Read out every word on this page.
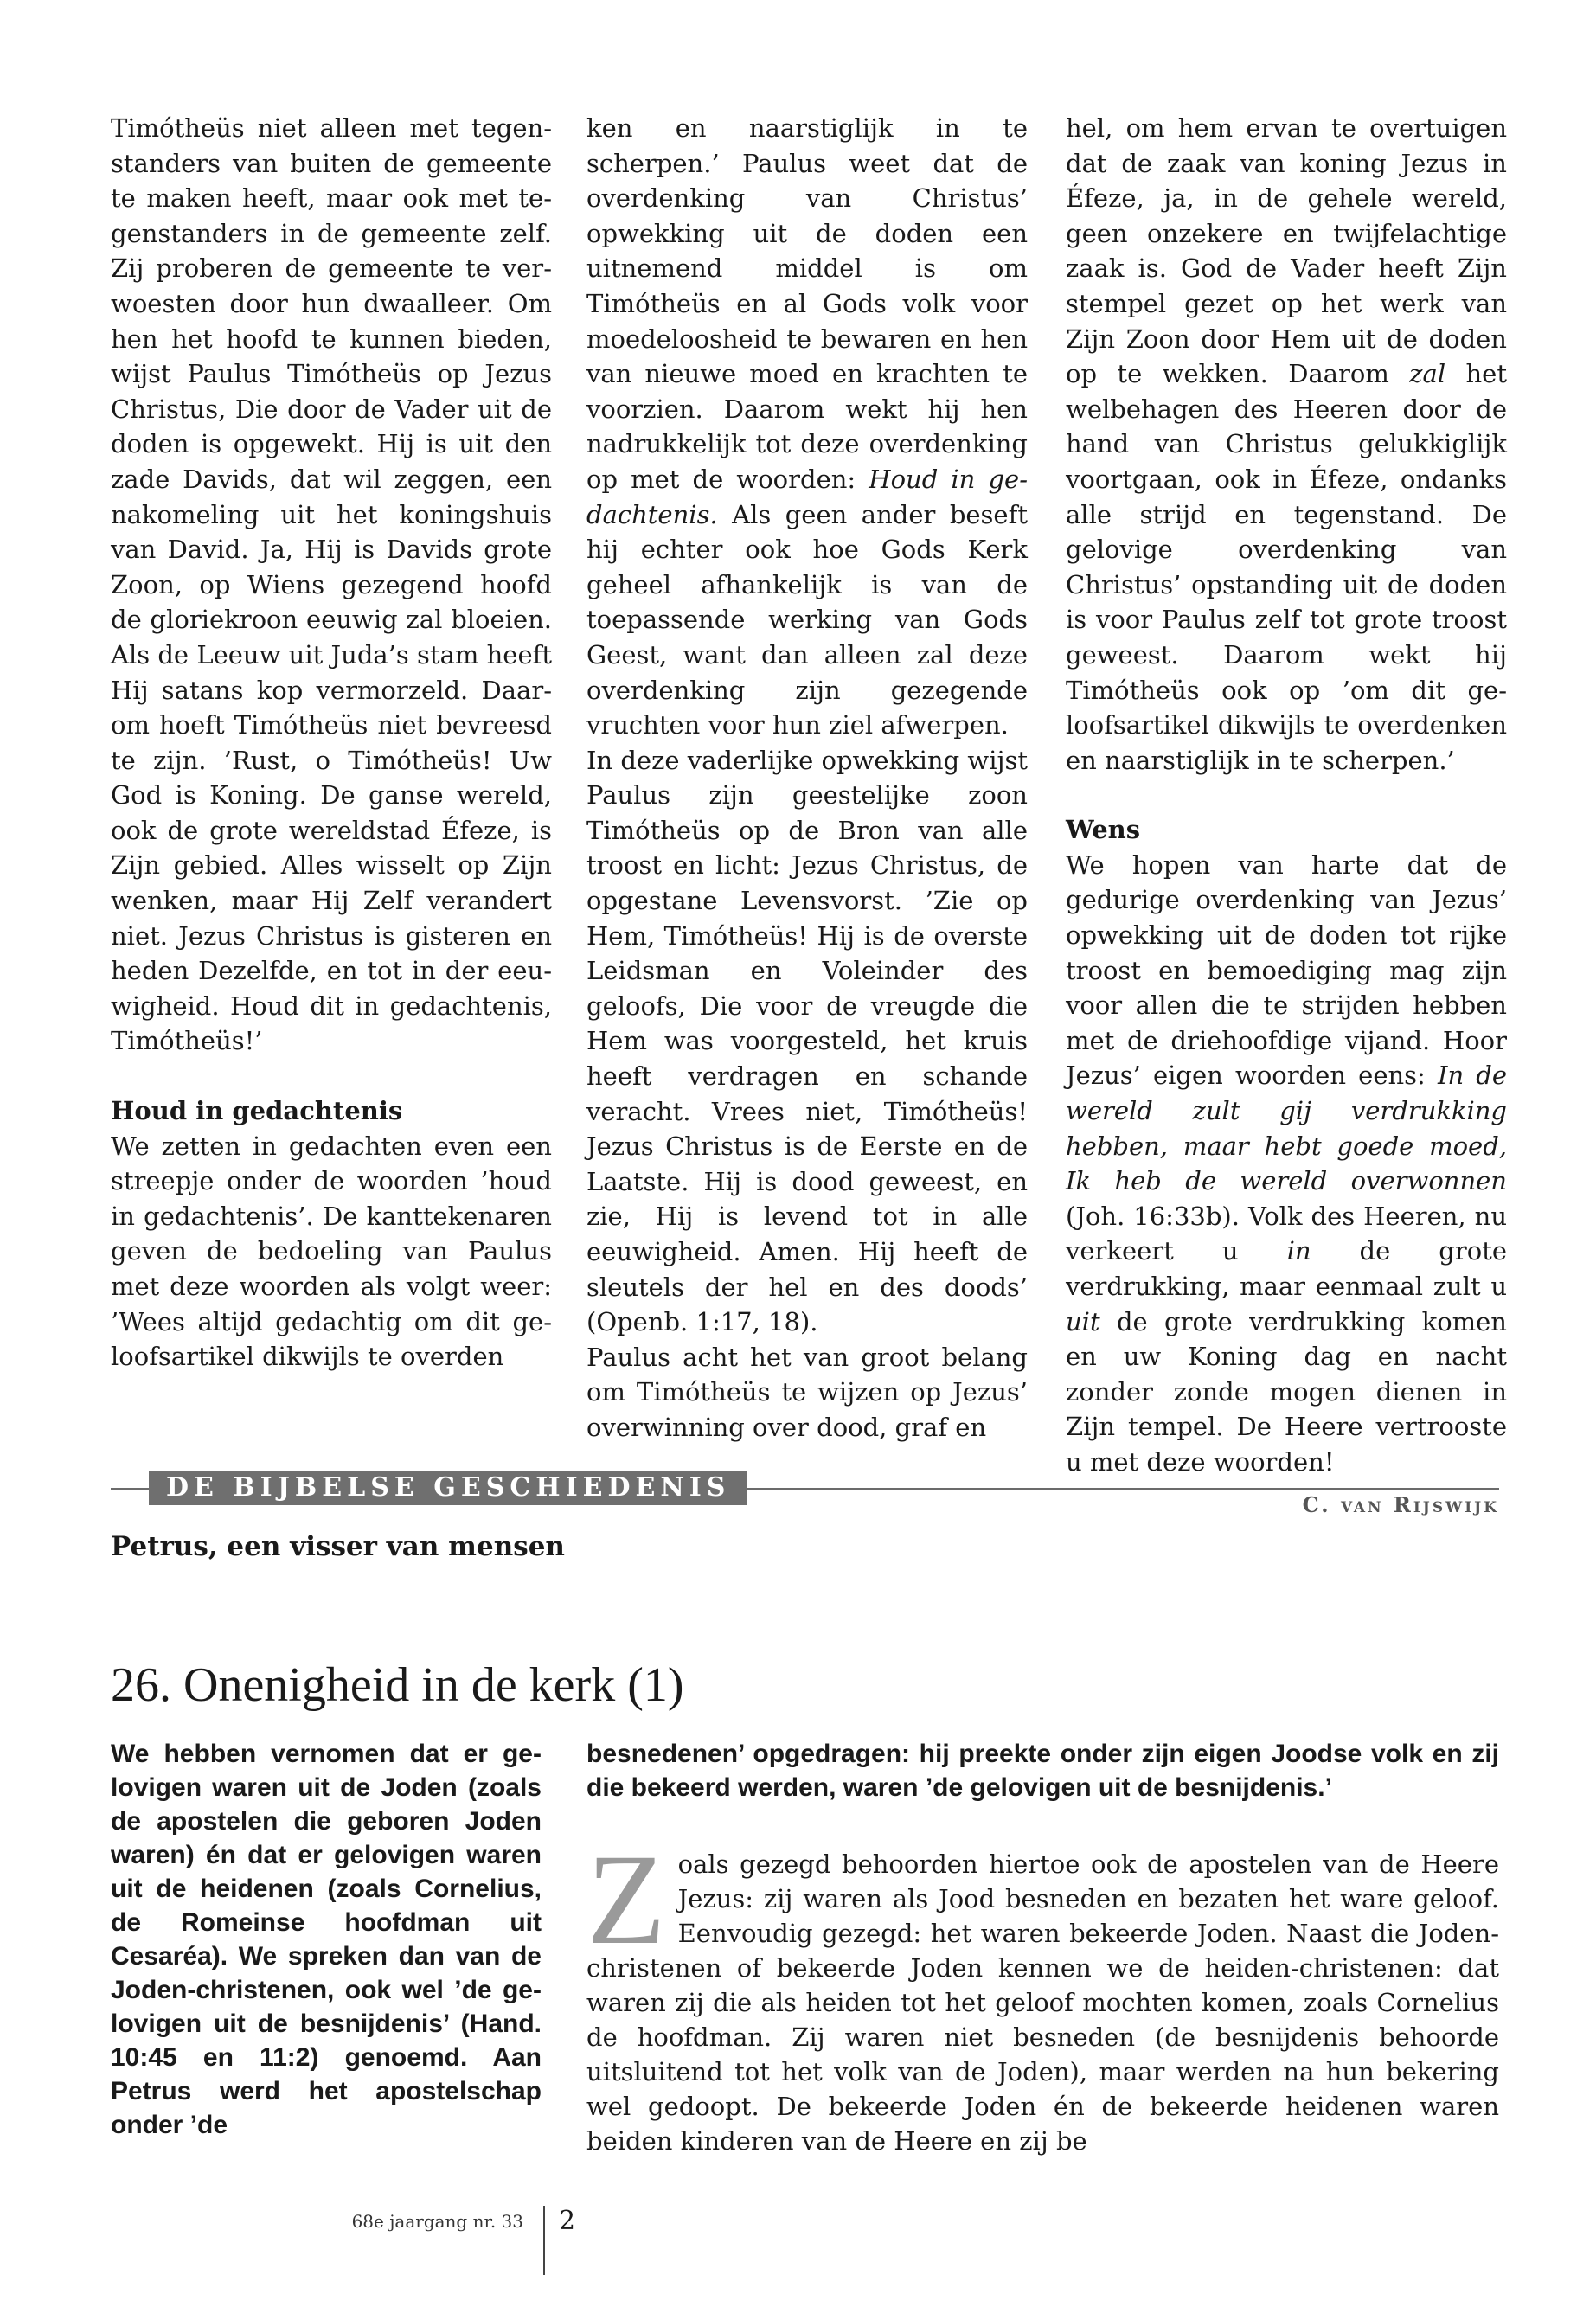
Timótheüs niet alleen met tegenstanders van buiten de gemeente te maken heeft, maar ook met tegenstanders in de gemeente zelf. Zij proberen de gemeente te verwoesten door hun dwaalleer. Om hen het hoofd te kunnen bieden, wijst Paulus Timótheüs op Jezus Christus, Die door de Vader uit de doden is opgewekt. Hij is uit den zade Davids, dat wil zeggen, een nakomeling uit het koningshuis van David. Ja, Hij is Davids grote Zoon, op Wiens gezegend hoofd de gloriekroon eeuwig zal bloeien. Als de Leeuw uit Juda’s stam heeft Hij satans kop vermorzeld. Daarom hoeft Timótheüs niet bevreesd te zijn. ’Rust, o Timótheüs! Uw God is Koning. De ganse wereld, ook de grote wereldstad Éfeze, is Zijn gebied. Alles wisselt op Zijn wenken, maar Hij Zelf verandert niet. Jezus Christus is gisteren en heden Dezelfde, en tot in der eeuwigheid. Houd dit in gedachtenis, Timótheüs!’

Houd in gedachtenis

We zetten in gedachten even een streepje onder de woorden ’houd in gedachtenis’. De kanttekenaren geven de bedoeling van Paulus met deze woorden als volgt weer: ’Wees altijd gedachtig om dit geloofsartikel dikwijls te overden

ken en naarstiglijk in te scherpen.’ Paulus weet dat de overdenking van Christus’ opwekking uit de doden een uitnemend middel is om Timótheüs en al Gods volk voor moedeloosheid te bewaren en hen van nieuwe moed en krachten te voorzien. Daarom wekt hij hen nadrukkelijk tot deze overdenking op met de woorden: Houd in gedachtenis. Als geen ander beseft hij echter ook hoe Gods Kerk geheel afhankelijk is van de toepassende werking van Gods Geest, want dan alleen zal deze overdenking zijn gezegende vruchten voor hun ziel afwerpen.

In deze vaderlijke opwekking wijst Paulus zijn geestelijke zoon Timótheüs op de Bron van alle troost en licht: Jezus Christus, de opgestane Levensvorst. ’Zie op Hem, Timótheüs! Hij is de overste Leidsman en Voleinder des geloofs, Die voor de vreugde die Hem was voorgesteld, het kruis heeft verdragen en schande veracht. Vrees niet, Timótheüs! Jezus Christus is de Eerste en de Laatste. Hij is dood geweest, en zie, Hij is levend tot in alle eeuwigheid. Amen. Hij heeft de sleutels der hel en des doods’ (Openb. 1:17, 18).

Paulus acht het van groot belang om Timótheüs te wijzen op Jezus’ overwinning over dood, graf en

hel, om hem ervan te overtuigen dat de zaak van koning Jezus in Éfeze, ja, in de gehele wereld, geen onzekere en twijfelachtige zaak is. God de Vader heeft Zijn stempel gezet op het werk van Zijn Zoon door Hem uit de doden op te wekken. Daarom zal het welbehagen des Heeren door de hand van Christus gelukkiglijk voortgaan, ook in Éfeze, ondanks alle strijd en tegenstand. De gelovige overdenking van Christus’ opstanding uit de doden is voor Paulus zelf tot grote troost geweest. Daarom wekt hij Timótheüs ook op ’om dit geloofsartikel dikwijls te overdenken en naarstiglijk in te scherpen.’

Wens

We hopen van harte dat de gedurige overdenking van Jezus’ opwekking uit de doden tot rijke troost en bemoediging mag zijn voor allen die te strijden hebben met de driehoofdige vijand. Hoor Jezus’ eigen woorden eens: In de wereld zult gij verdrukking hebben, maar hebt goede moed, Ik heb de wereld overwonnen (Joh. 16:33b). Volk des Heeren, nu verkeert u in de grote verdrukking, maar eenmaal zult u uit de grote verdrukking komen en uw Koning dag en nacht zonder zonde mogen dienen in Zijn tempel. De Heere vertrooste u met deze woorden!

DE BIJBELSE GESCHIEDENIS
C. van Rijswijk
Petrus, een visser van mensen
26. Onenigheid in de kerk (1)
We hebben vernomen dat er gelovigen waren uit de Joden (zoals de apostelen die geboren Joden waren) én dat er gelovigen waren uit de heidenen (zoals Cornelius, de Romeinse hoofdman uit Cesaréa). We spreken dan van de Joden-christenen, ook wel ’de gelovigen uit de besnijdenis’ (Hand. 10:45 en 11:2) genoemd. Aan Petrus werd het apostelschap onder ’de
besnedenen’ opgedragen: hij preekte onder zijn eigen Joodse volk en zij die bekeerd werden, waren ’de gelovigen uit de besnijdenis.’
Zoals gezegd behoorden hiertoe ook de apostelen van de Heere Jezus: zij waren als Jood besneden en bezaten het ware geloof. Eenvoudig gezegd: het waren bekeerde Joden. Naast die Joden-christenen of bekeerde Joden kennen we de heiden-christenen: dat waren zij die als heiden tot het geloof mochten komen, zoals Cornelius de hoofdman. Zij waren niet besneden (de besnijdenis behoorde uitsluitend tot het volk van de Joden), maar werden na hun bekering wel gedoopt. De bekeerde Joden én de bekeerde heidenen waren beiden kinderen van de Heere en zij be
68e jaargang nr. 33 2
